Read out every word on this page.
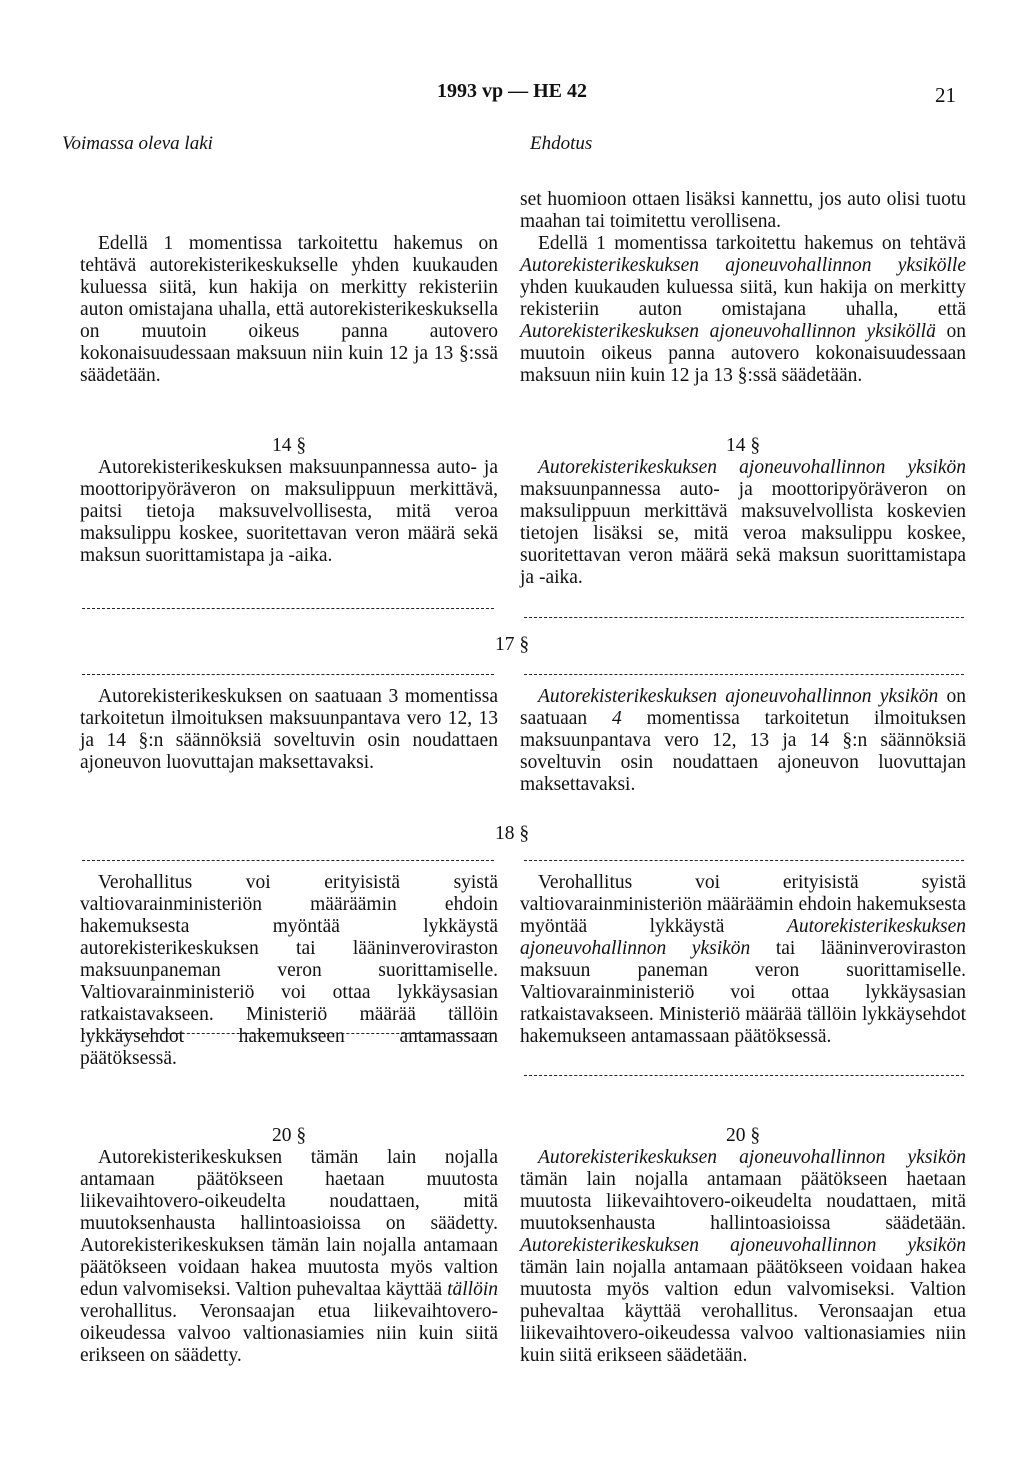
1993 vp — HE 42	21
Voimassa oleva laki	Ehdotus

Edellä 1 momentissa tarkoitettu hakemus on tehtävä autorekisterikeskukselle yhden kuukauden kuluessa siitä, kun hakija on merkitty rekisteriin auton omistajana uhalla, että autorekisterikeskuksella on muutoin oikeus panna autovero kokonaisuudessaan maksuun niin kuin 12 ja 13 §:ssä säädetään.

14 §

Autorekisterikeskuksen maksuunpannessa auto- ja moottoripyöräveron on maksulippuun merkittävä, paitsi tietoja maksuvelvollisesta, mitä veroa maksulippu koskee, suoritettavan veron määrä sekä maksun suorittamistapa ja -aika.

17 §

Autorekisterikeskuksen on saatuaan 3 momentissa tarkoitetun ilmoituksen maksuunpantava vero 12, 13 ja 14 §:n säännöksiä soveltuvin osin noudattaen ajoneuvon luovuttajan maksettavaksi.

18 §

Verohallitus voi erityisistä syistä valtiovarainministeriön määräämin ehdoin hakemuksesta myöntää lykkäystä autorekisterikeskuksen tai lääninverovirastоn maksuunpaneman veron suorittamiselle. Valtiovarainministeriö voi ottaa lykkäysasian ratkaistavakseen. Ministeriö määrää tällöin lykkäysehdot hakemukseen antamassaan päätöksessä.

20 §

Autorekisterikeskuksen tämän lain nojalla antamaan päätökseen haetaan muutosta liikevaihtovero-oikeudelta noudattaen, mitä muutoksenhausta hallintoasioissa on säädetty. Autorekisterikeskuksen tämän lain nojalla antamaan päätökseen voidaan hakea muutosta myös valtion edun valvomiseksi. Valtion puhevaltaa käyttää tällöin verohallitus. Veronsaajan etua liikevaihtovero-oikeudessa valvoo valtionasiamies niin kuin siitä erikseen on säädetty.

set huomioon ottaen lisäksi kannettu, jos auto olisi tuotu maahan tai toimitettu verollisena.

Edellä 1 momentissa tarkoitettu hakemus on tehtävä Autorekisterikeskuksen ajoneuvohallinnon yksikölle yhden kuukauden kuluessa siitä, kun hakija on merkitty rekisteriin auton omistajana uhalla, että Autorekisterikeskuksen ajoneuvohallinnon yksiköllä on muutoin oikeus panna autovero kokonaisuudessaan maksuun niin kuin 12 ja 13 §:ssä säädetään.

14 §

Autorekisterikeskuksen ajoneuvohallinnon yksikön maksuunpannessa auto- ja moottoripyöräveron on maksulippuun merkittävä maksuvelvollista koskevien tietojen lisäksi se, mitä veroa maksulippu koskee, suoritettavan veron määrä sekä maksun suorittamistapa ja -aika.

Autorekisterikeskuksen ajoneuvohallinnon yksikön on saatuaan 4 momentissa tarkoitetun ilmoituksen maksuunpantava vero 12, 13 ja 14 §:n säännöksiä soveltuvin osin noudattaen ajoneuvon luovuttajan maksettavaksi.

Verohallitus voi erityisistä syistä valtiovarainministeriön määräämin ehdoin hakemuksesta myöntää lykkäystä	Autorekisterikeskuksen ajoneuvohallinnon yksikön tai lääninverovirastоn maksuun paneman veron suorittamiselle. Valtiovarainministeriö voi ottaa lykkäysasian ratkaistavakseen. Ministeriö määrää tällöin lykkäysehdot hakemukseen antamassaan päätöksessä.

20 §

Autorekisterikeskuksen ajoneuvohallinnon yksikön tämän lain nojalla antamaan päätökseen haetaan muutosta liikevaihtovero-oikeudelta noudattaen, mitä muutoksenhausta hallintoasioissa säädetään. Autorekisterikeskuksen ajoneuvohallinnon yksikön tämän lain nojalla antamaan päätökseen voidaan hakea muutosta myös valtion edun valvomiseksi. Valtion puhevaltaa käyttää verohallitus. Veronsaajan etua liikevaihtovero-oikeudessa valvoo valtionasiamies niin kuin siitä erikseen säädetään.
